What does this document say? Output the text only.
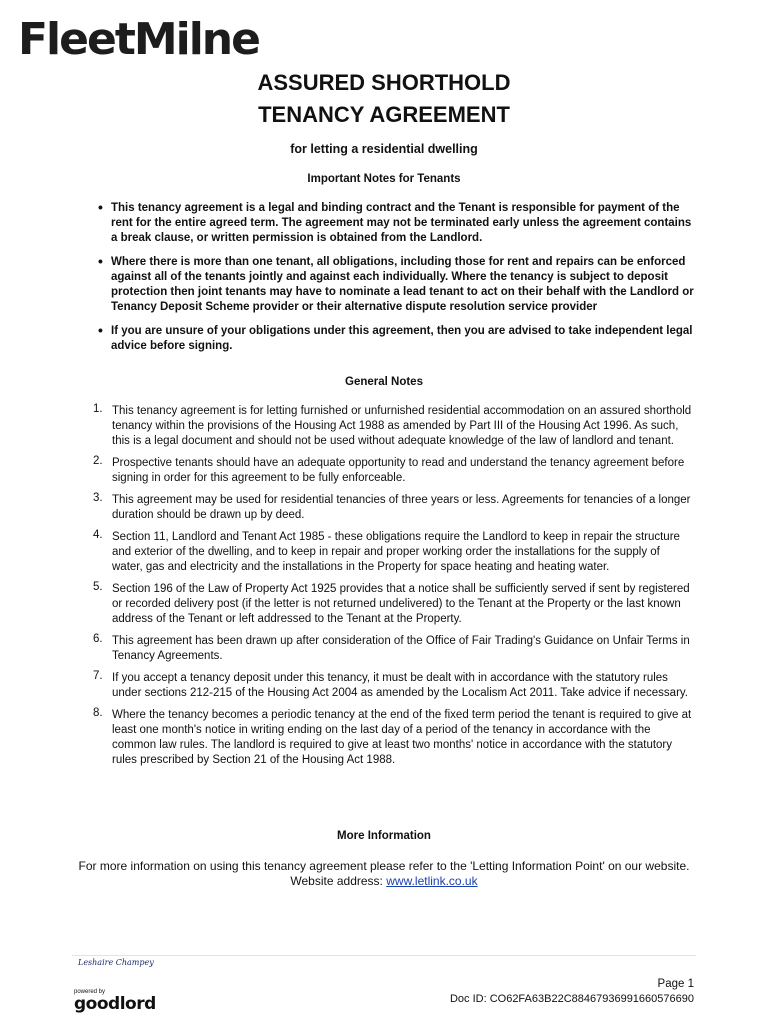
FleetMilne
ASSURED SHORTHOLD
TENANCY AGREEMENT
for letting a residential dwelling
Important Notes for Tenants
• This tenancy agreement is a legal and binding contract and the Tenant is responsible for payment of the rent for the entire agreed term. The agreement may not be terminated early unless the agreement contains a break clause, or written permission is obtained from the Landlord.
• Where there is more than one tenant, all obligations, including those for rent and repairs can be enforced against all of the tenants jointly and against each individually. Where the tenancy is subject to deposit protection then joint tenants may have to nominate a lead tenant to act on their behalf with the Landlord or Tenancy Deposit Scheme provider or their alternative dispute resolution service provider
• If you are unsure of your obligations under this agreement, then you are advised to take independent legal advice before signing.
General Notes
1. This tenancy agreement is for letting furnished or unfurnished residential accommodation on an assured shorthold tenancy within the provisions of the Housing Act 1988 as amended by Part III of the Housing Act 1996. As such, this is a legal document and should not be used without adequate knowledge of the law of landlord and tenant.
2. Prospective tenants should have an adequate opportunity to read and understand the tenancy agreement before signing in order for this agreement to be fully enforceable.
3. This agreement may be used for residential tenancies of three years or less. Agreements for tenancies of a longer duration should be drawn up by deed.
4. Section 11, Landlord and Tenant Act 1985 - these obligations require the Landlord to keep in repair the structure and exterior of the dwelling, and to keep in repair and proper working order the installations for the supply of water, gas and electricity and the installations in the Property for space heating and heating water.
5. Section 196 of the Law of Property Act 1925 provides that a notice shall be sufficiently served if sent by registered or recorded delivery post (if the letter is not returned undelivered) to the Tenant at the Property or the last known address of the Tenant or left addressed to the Tenant at the Property.
6. This agreement has been drawn up after consideration of the Office of Fair Trading's Guidance on Unfair Terms in Tenancy Agreements.
7. If you accept a tenancy deposit under this tenancy, it must be dealt with in accordance with the statutory rules under sections 212-215 of the Housing Act 2004 as amended by the Localism Act 2011. Take advice if necessary.
8. Where the tenancy becomes a periodic tenancy at the end of the fixed term period the tenant is required to give at least one month's notice in writing ending on the last day of a period of the tenancy in accordance with the common law rules. The landlord is required to give at least two months' notice in accordance with the statutory rules prescribed by Section 21 of the Housing Act 1988.
More Information
For more information on using this tenancy agreement please refer to the 'Letting Information Point' on our website.
Website address: www.letlink.co.uk
Leshaire Champey
powered by
goodlord
Page 1
Doc ID: CO62FA63B22C88467936991660576690
